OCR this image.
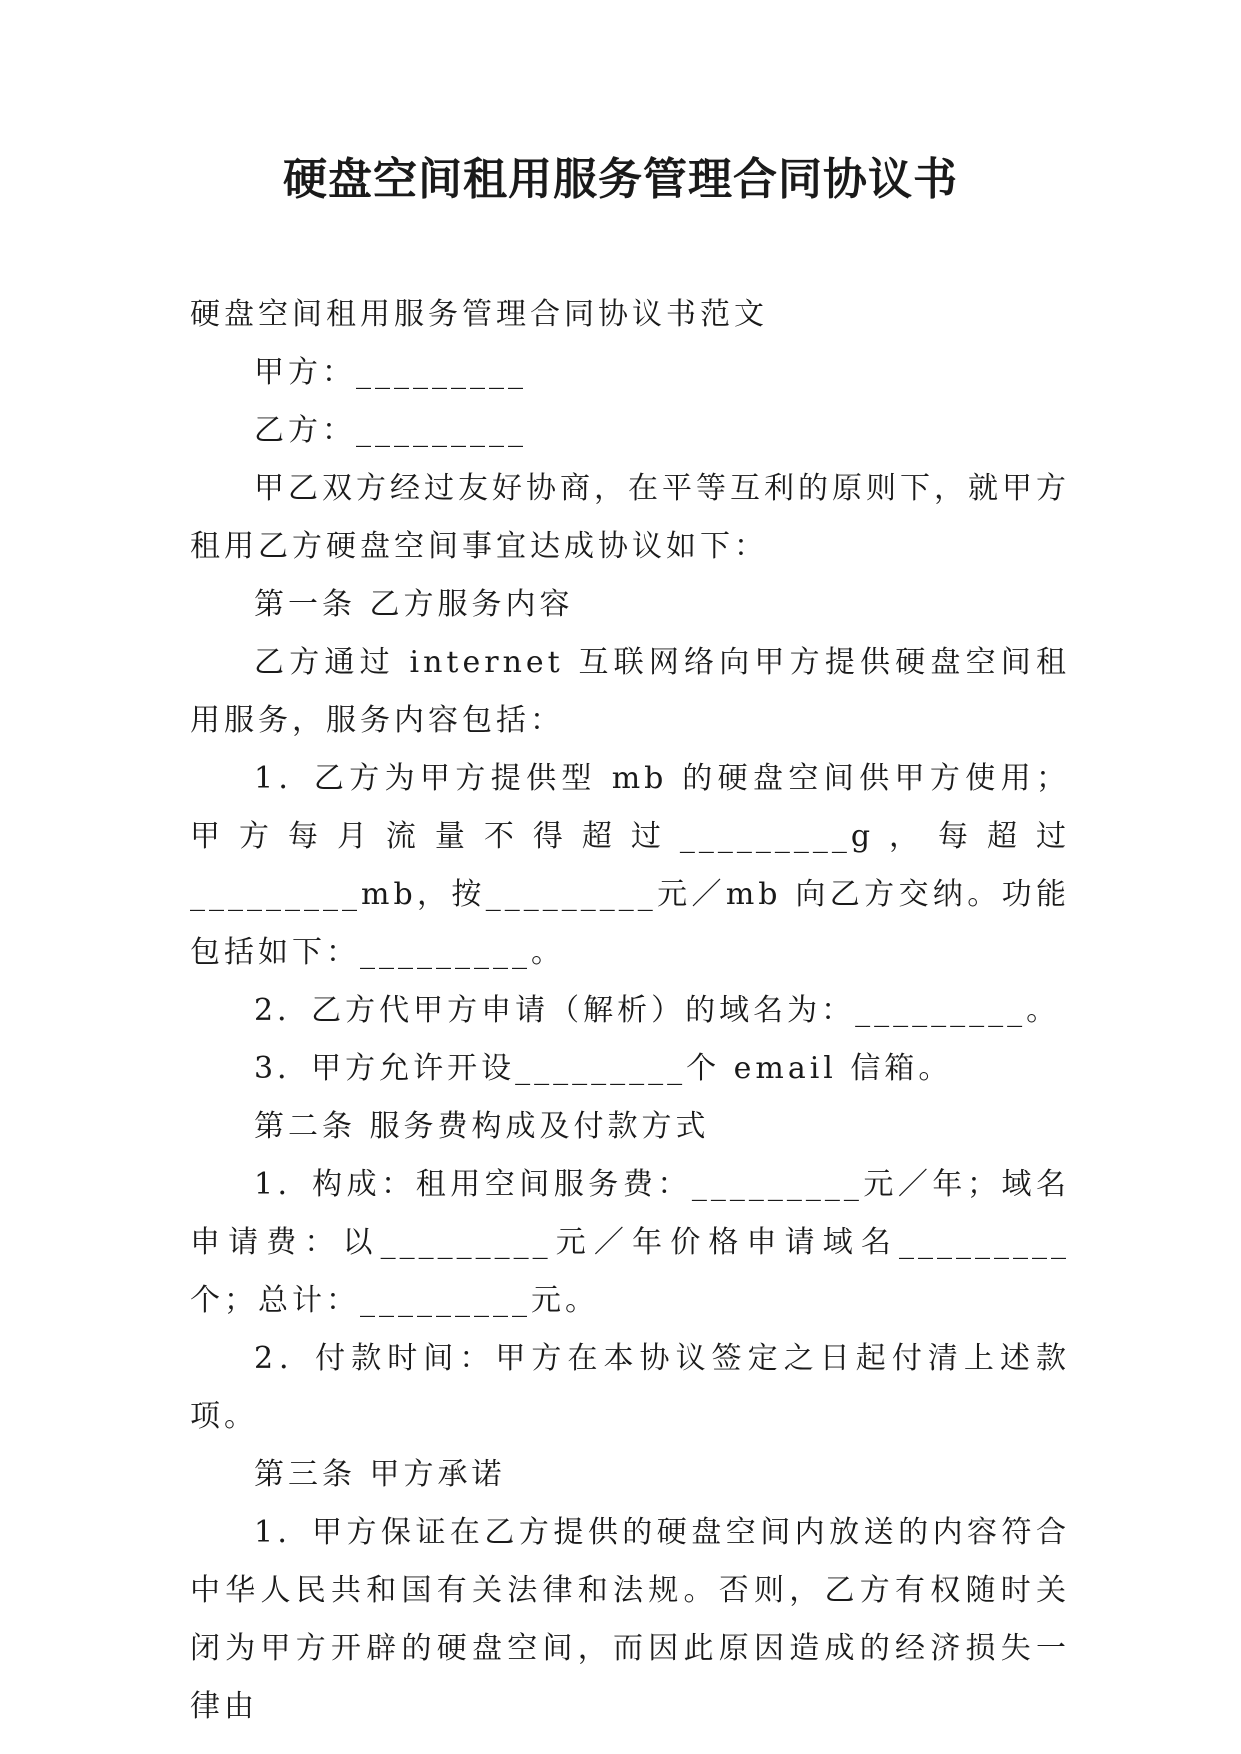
硬盘空间租用服务管理合同协议书

硬盘空间租用服务管理合同协议书范文

甲方：_________

乙方：_________

甲乙双方经过友好协商，在平等互利的原则下，就甲方租用乙方硬盘空间事宜达成协议如下：

第一条 乙方服务内容

乙方通过 internet 互联网络向甲方提供硬盘空间租用服务，服务内容包括：

1．乙方为甲方提供型 mb 的硬盘空间供甲方使用；甲方每月流量不得超过_________g，每超过_________mb，按_________元／mb 向乙方交纳。功能包括如下：_________。

2．乙方代甲方申请（解析）的域名为：_________。

3．甲方允许开设_________个 email 信箱。

第二条 服务费构成及付款方式

1．构成：租用空间服务费：_________元／年；域名申请费：以_________元／年价格申请域名_________个；总计：_________元。

2．付款时间：甲方在本协议签定之日起付清上述款项。

第三条 甲方承诺

1．甲方保证在乙方提供的硬盘空间内放送的内容符合中华人民共和国有关法律和法规。否则，乙方有权随时关闭为甲方开辟的硬盘空间，而因此原因造成的经济损失一律由
